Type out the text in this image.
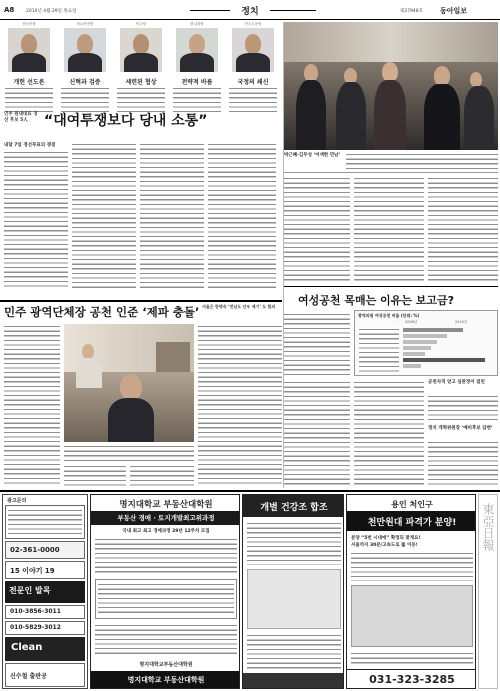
A8	2010년 4월 29일 목요일	정치	제27948호 동아일보
진보신당
개헌 선도론
자유선진당
신혁과 검증
민주당
세련된 협상
한나라당
전략적 바름
민주노동당
국정의 쇄신
민주 원내대표 경선 후보 5人	“대여투쟁보다 당내 소통”
내달 7일 경선투표의 쟁점
박근혜-김무성 ‘어색한 만남’
여성공천 목매는 이유는 보고금?
광역의원 여성공천 비율 (단위: %)
2006년	2010년
민주 광역단체장 공천 인준 ‘제파 충돌’ 서울은 한명숙 ‘전남도 안우 제기’ 도 합의
공천자격 얻고 심판정이 걸린
정치 개혁위원장 ‘예비후보 답변’
광고문의
02-361-0000
15 이야기 19
전문인 발목
010-3856-3011
010-5829-3012
Clean
신수철 출판공
명지대학교 부동산대학원
부동산 경매 · 토지개발최고위과정
국내 최고 최고 경매과정 29년 12주차 모집
명지대학교부동산대학원
명지대학교 부동산대학원
개별 건강조 합조	용인 처인구
천만원대 파격가 분양!
분양 “5번 시대에” 확정되 찾게요!
서울까지 30분/고속도로 뚫 이동!
031-323-3285
東亞日報
